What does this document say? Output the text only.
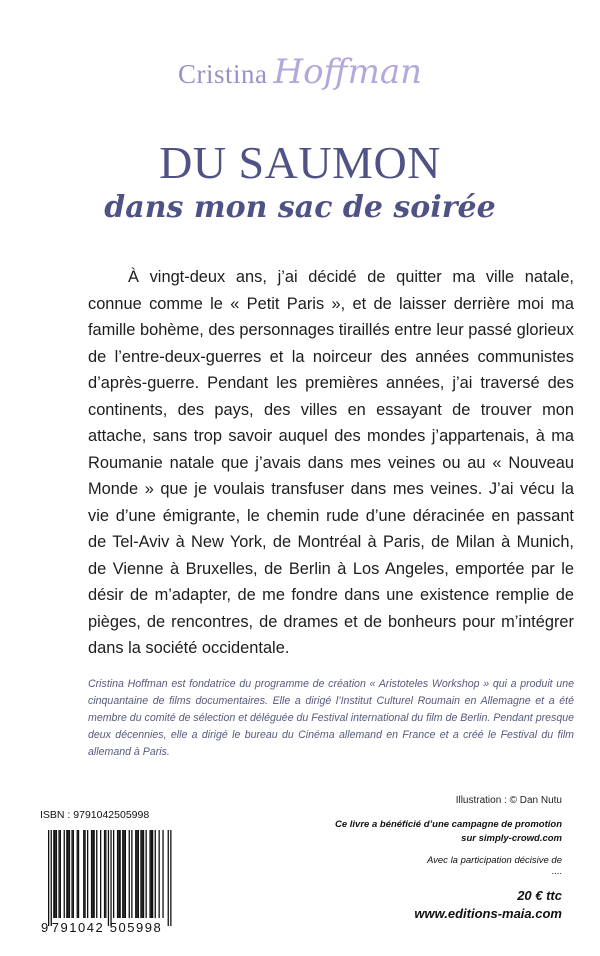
Cristina Hoffman
DU SAUMON
dans mon sac de soirée

À vingt-deux ans, j’ai décidé de quitter ma ville natale, connue comme le « Petit Paris », et de laisser derrière moi ma famille bohème, des personnages tiraillés entre leur passé glorieux de l’entre-deux-guerres et la noirceur des années communistes d’après-guerre. Pendant les premières années, j’ai traversé des continents, des pays, des villes en essayant de trouver mon attache, sans trop savoir auquel des mondes j’appartenais, à ma Roumanie natale que j’avais dans mes veines ou au « Nouveau Monde » que je voulais transfuser dans mes veines. J’ai vécu la vie d’une émigrante, le chemin rude d’une déracinée en passant de Tel-Aviv à New York, de Montréal à Paris, de Milan à Munich, de Vienne à Bruxelles, de Berlin à Los Angeles, emportée par le désir de m’adapter, de me fondre dans une existence remplie de pièges, de rencontres, de drames et de bonheurs pour m’intégrer dans la société occidentale.

Cristina Hoffman est fondatrice du programme de création « Aristoteles Workshop » qui a produit une cinquantaine de films documentaires. Elle a dirigé l’Institut Culturel Roumain en Allemagne et a été membre du comité de sélection et déléguée du Festival international du film de Berlin. Pendant presque deux décennies, elle a dirigé le bureau du Cinéma allemand en France et a créé le Festival du film allemand à Paris.

Illustration : © Dan Nutu
ISBN : 9791042505998
9 791042 505998
Ce livre a bénéficié d’une campagne de promotion
sur simply-crowd.com
Avec la participation décisive de
....
20 € ttc
www.editions-maia.com
